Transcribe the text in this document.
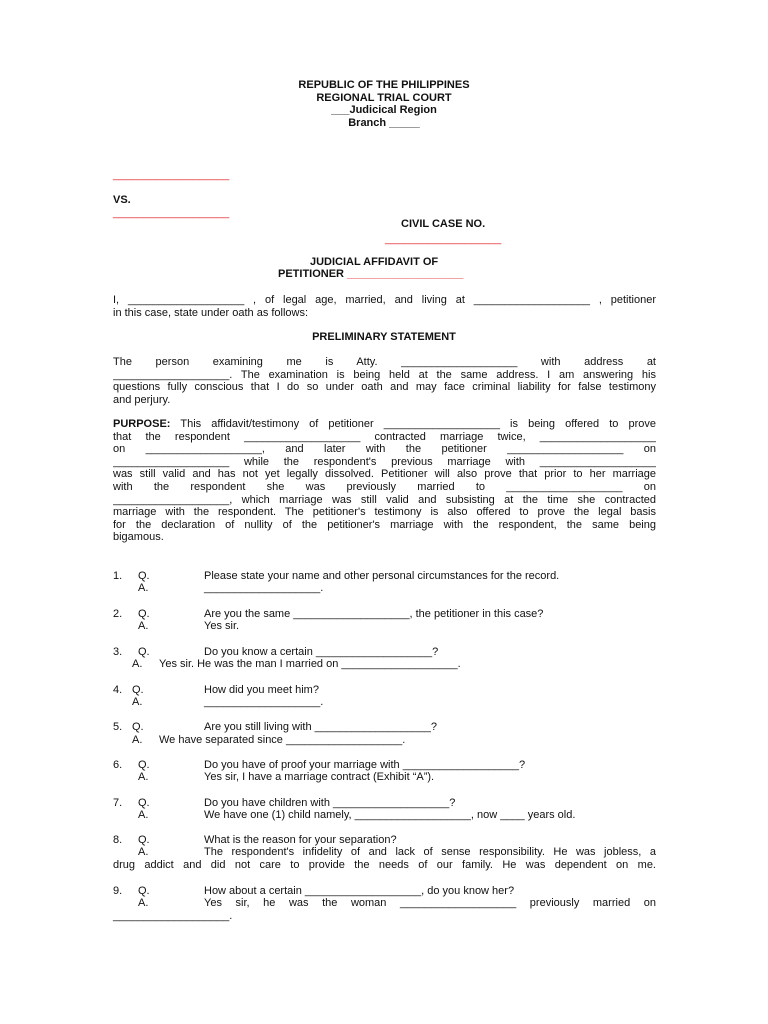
REPUBLIC OF THE PHILIPPINES
REGIONAL TRIAL COURT
___Judicical Region
Branch _____
___________________
VS.
___________________
CIVIL CASE NO.
___________________
JUDICIAL AFFIDAVIT OF
PETITIONER ___________________
I, ___________________ , of legal age, married, and living at ___________________ , petitioner
in this case, state under oath as follows:
PRELIMINARY STATEMENT
The person examining me is Atty. ___________________ with address at
___________________. The examination is being held at the same address. I am answering his
questions fully conscious that I do so under oath and may face criminal liability for false testimony
and perjury.
PURPOSE: This affidavit/testimony of petitioner ___________________ is being offered to prove
that the respondent ___________________ contracted marriage twice, ___________________
on ___________________, and later with the petitioner ___________________ on
___________________ while the respondent's previous marriage with ___________________
was still valid and has not yet legally dissolved. Petitioner will also prove that prior to her marriage
with the respondent she was previously married to ___________________ on
___________________, which marriage was still valid and subsisting at the time she contracted
marriage with the respondent. The petitioner's testimony is also offered to prove the legal basis
for the declaration of nullity of the petitioner's marriage with the respondent, the same being
bigamous.
1. Q.	Please state your name and other personal circumstances for the record.
A.	___________________.
2. Q.	Are you the same ___________________, the petitioner in this case?
A.	Yes sir.
3. Q.	Do you know a certain ___________________?
A. Yes sir. He was the man I married on ___________________.
4. Q.	How did you meet him?
A.	___________________.
5. Q.	Are you still living with ___________________?
A. We have separated since ___________________.
6. Q.	Do you have of proof your marriage with ___________________?
A.	Yes sir, I have a marriage contract (Exhibit “A”).
7. Q.	Do you have children with ___________________?
A.	We have one (1) child namely, ___________________, now ____ years old.
8. Q.	What is the reason for your separation?
A.	The respondent's infidelity of and lack of sense responsibility. He was jobless, a
drug addict and did not care to provide the needs of our family. He was dependent on me.
9. Q.	How about a certain ___________________, do you know her?
A.	Yes sir, he was the woman ___________________ previously married on
___________________.
